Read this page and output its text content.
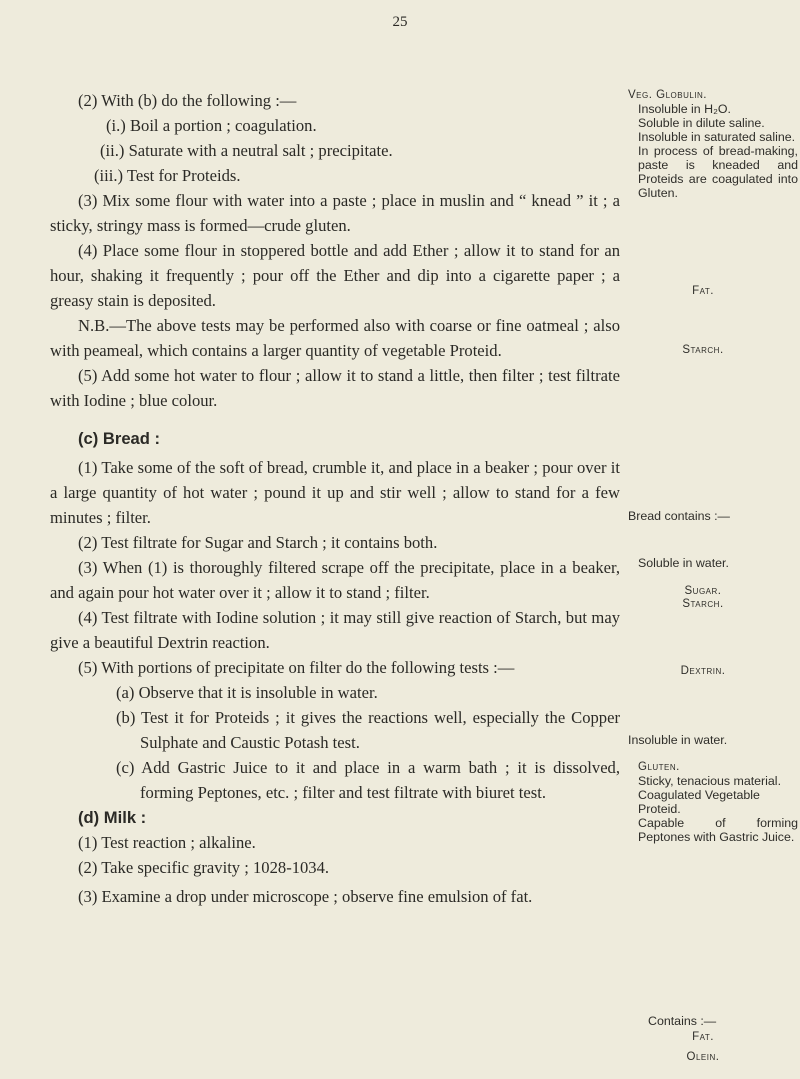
25

(2) With (b) do the following :—

(i.) Boil a portion ; coagulation.

(ii.) Saturate with a neutral salt ; precipitate.

(iii.) Test for Proteids.

(3) Mix some flour with water into a paste ; place in muslin and “ knead ” it ; a sticky, stringy mass is formed—crude gluten.

(4) Place some flour in stoppered bottle and add Ether ; allow it to stand for an hour, shaking it frequently ; pour off the Ether and dip into a cigarette paper ; a greasy stain is deposited.

N.B.—The above tests may be performed also with coarse or fine oatmeal ; also with peameal, which contains a larger quantity of vegetable Proteid.

(5) Add some hot water to flour ; allow it to stand a little, then filter ; test filtrate with Iodine ; blue colour.

(c) Bread :

(1) Take some of the soft of bread, crumble it, and place in a beaker ; pour over it a large quantity of hot water ; pound it up and stir well ; allow to stand for a few minutes ; filter.

(2) Test filtrate for Sugar and Starch ; it contains both.

(3) When (1) is thoroughly filtered scrape off the precipitate, place in a beaker, and again pour hot water over it ; allow it to stand ; filter.

(4) Test filtrate with Iodine solution ; it may still give reaction of Starch, but may give a beautiful Dextrin reaction.

(5) With portions of precipitate on filter do the following tests :—

(a) Observe that it is insoluble in water.

(b) Test it for Proteids ; it gives the reactions well, especially the Copper Sulphate and Caustic Potash test.

(c) Add Gastric Juice to it and place in a warm bath ; it is dissolved, forming Peptones, etc. ; filter and test filtrate with biuret test.

(d) Milk :

(1) Test reaction ; alkaline.

(2) Take specific gravity ; 1028-1034.

(3) Examine a drop under microscope ; observe fine emulsion of fat.

Veg. Globulin.

Insoluble in H₂O.

Soluble in dilute saline.

Insoluble in saturated saline.

In process of bread-making, paste is kneaded and Proteids are coagulated into Gluten.

Fat.
Starch.
Bread contains :—
Soluble in water.
Sugar.
Starch.
Dextrin.
Insoluble in water.

Gluten.

Sticky, tenacious material.

Coagulated Vegetable Proteid.

Capable of forming Peptones with Gastric Juice.

Contains :—
Fat.
Olein.
